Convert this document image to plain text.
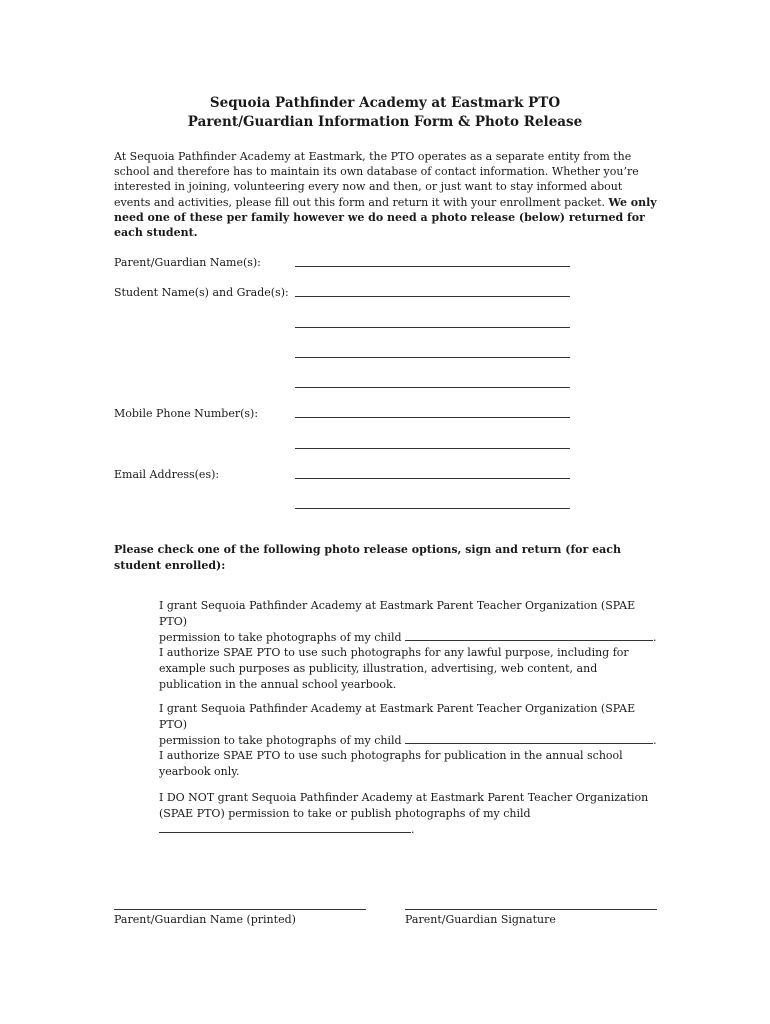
Sequoia Pathfinder Academy at Eastmark PTO
Parent/Guardian Information Form & Photo Release

At Sequoia Pathfinder Academy at Eastmark, the PTO operates as a separate entity from the school and therefore has to maintain its own database of contact information. Whether you’re interested in joining, volunteering every now and then, or just want to stay informed about events and activities, please fill out this form and return it with your enrollment packet. We only need one of these per family however we do need a photo release (below) returned for each student.

Parent/Guardian Name(s):
Student Name(s) and Grade(s):
Mobile Phone Number(s):
Email Address(es):

Please check one of the following photo release options, sign and return (for each student enrolled):

I grant Sequoia Pathfinder Academy at Eastmark Parent Teacher Organization (SPAE PTO)
permission to take photographs of my child	.
I authorize SPAE PTO to use such photographs for any lawful purpose, including for example such purposes as publicity, illustration, advertising, web content, and publication in the annual school yearbook.
I grant Sequoia Pathfinder Academy at Eastmark Parent Teacher Organization (SPAE PTO)
permission to take photographs of my child	.
I authorize SPAE PTO to use such photographs for publication in the annual school yearbook only.
I DO NOT grant Sequoia Pathfinder Academy at Eastmark Parent Teacher Organization
(SPAE PTO) permission to take or publish photographs of my child
.
Parent/Guardian Name (printed)	Parent/Guardian Signature
